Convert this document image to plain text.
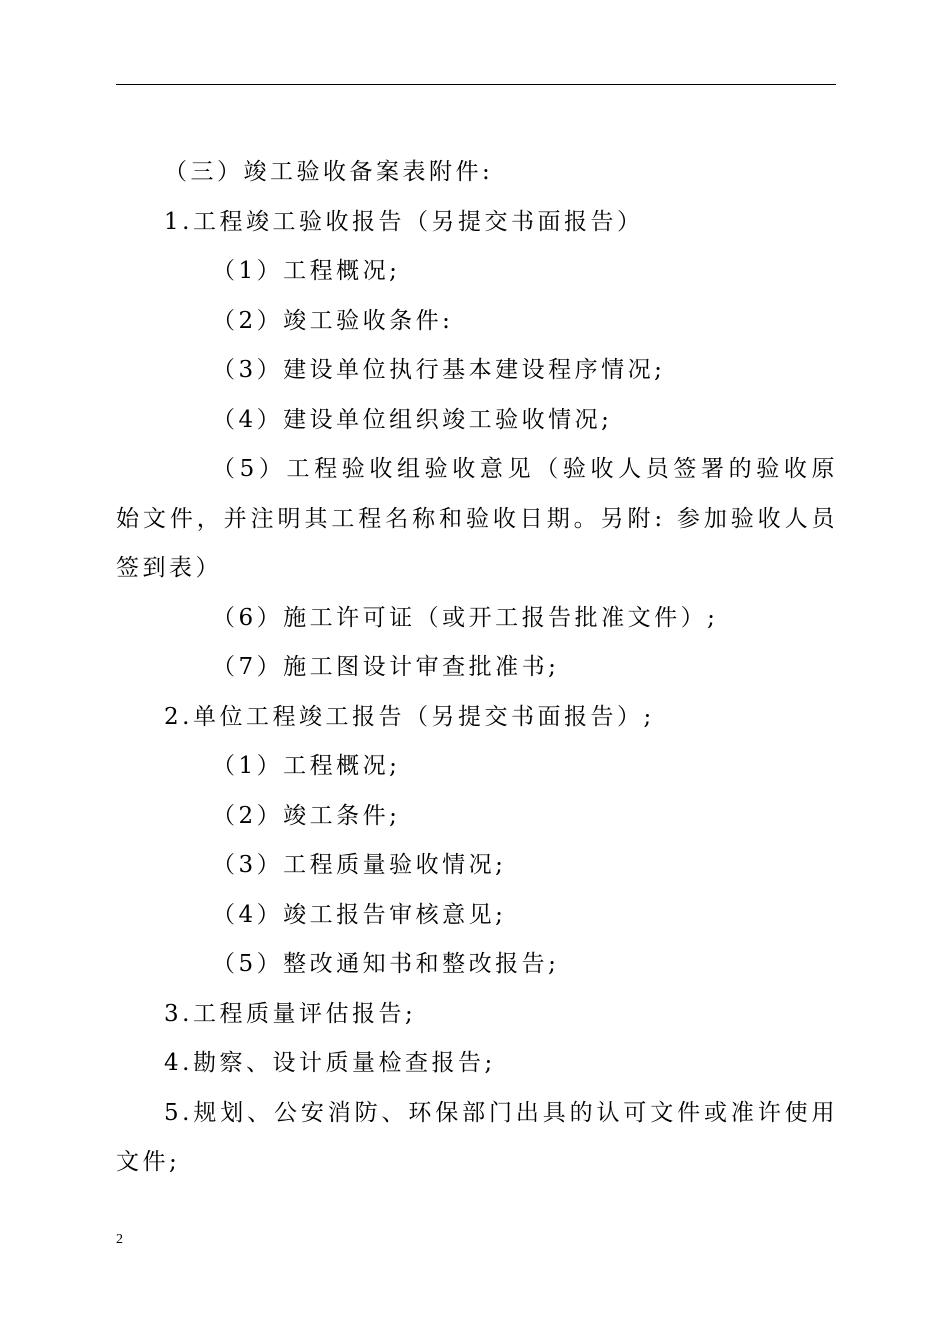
（三）竣工验收备案表附件:
1.工程竣工验收报告（另提交书面报告）
（1）工程概况;
（2）竣工验收条件:
（3）建设单位执行基本建设程序情况;
（4）建设单位组织竣工验收情况;
（5）工程验收组验收意见（验收人员签署的验收原始文件，并注明其工程名称和验收日期。另附: 参加验收人员签到表）
（6）施工许可证（或开工报告批准文件）;
（7）施工图设计审查批准书;
2.单位工程竣工报告（另提交书面报告）;
（1）工程概况;
（2）竣工条件;
（3）工程质量验收情况;
（4）竣工报告审核意见;
（5）整改通知书和整改报告;
3.工程质量评估报告;
4.勘察、设计质量检查报告;
5.规划、公安消防、环保部门出具的认可文件或准许使用文件;
2
